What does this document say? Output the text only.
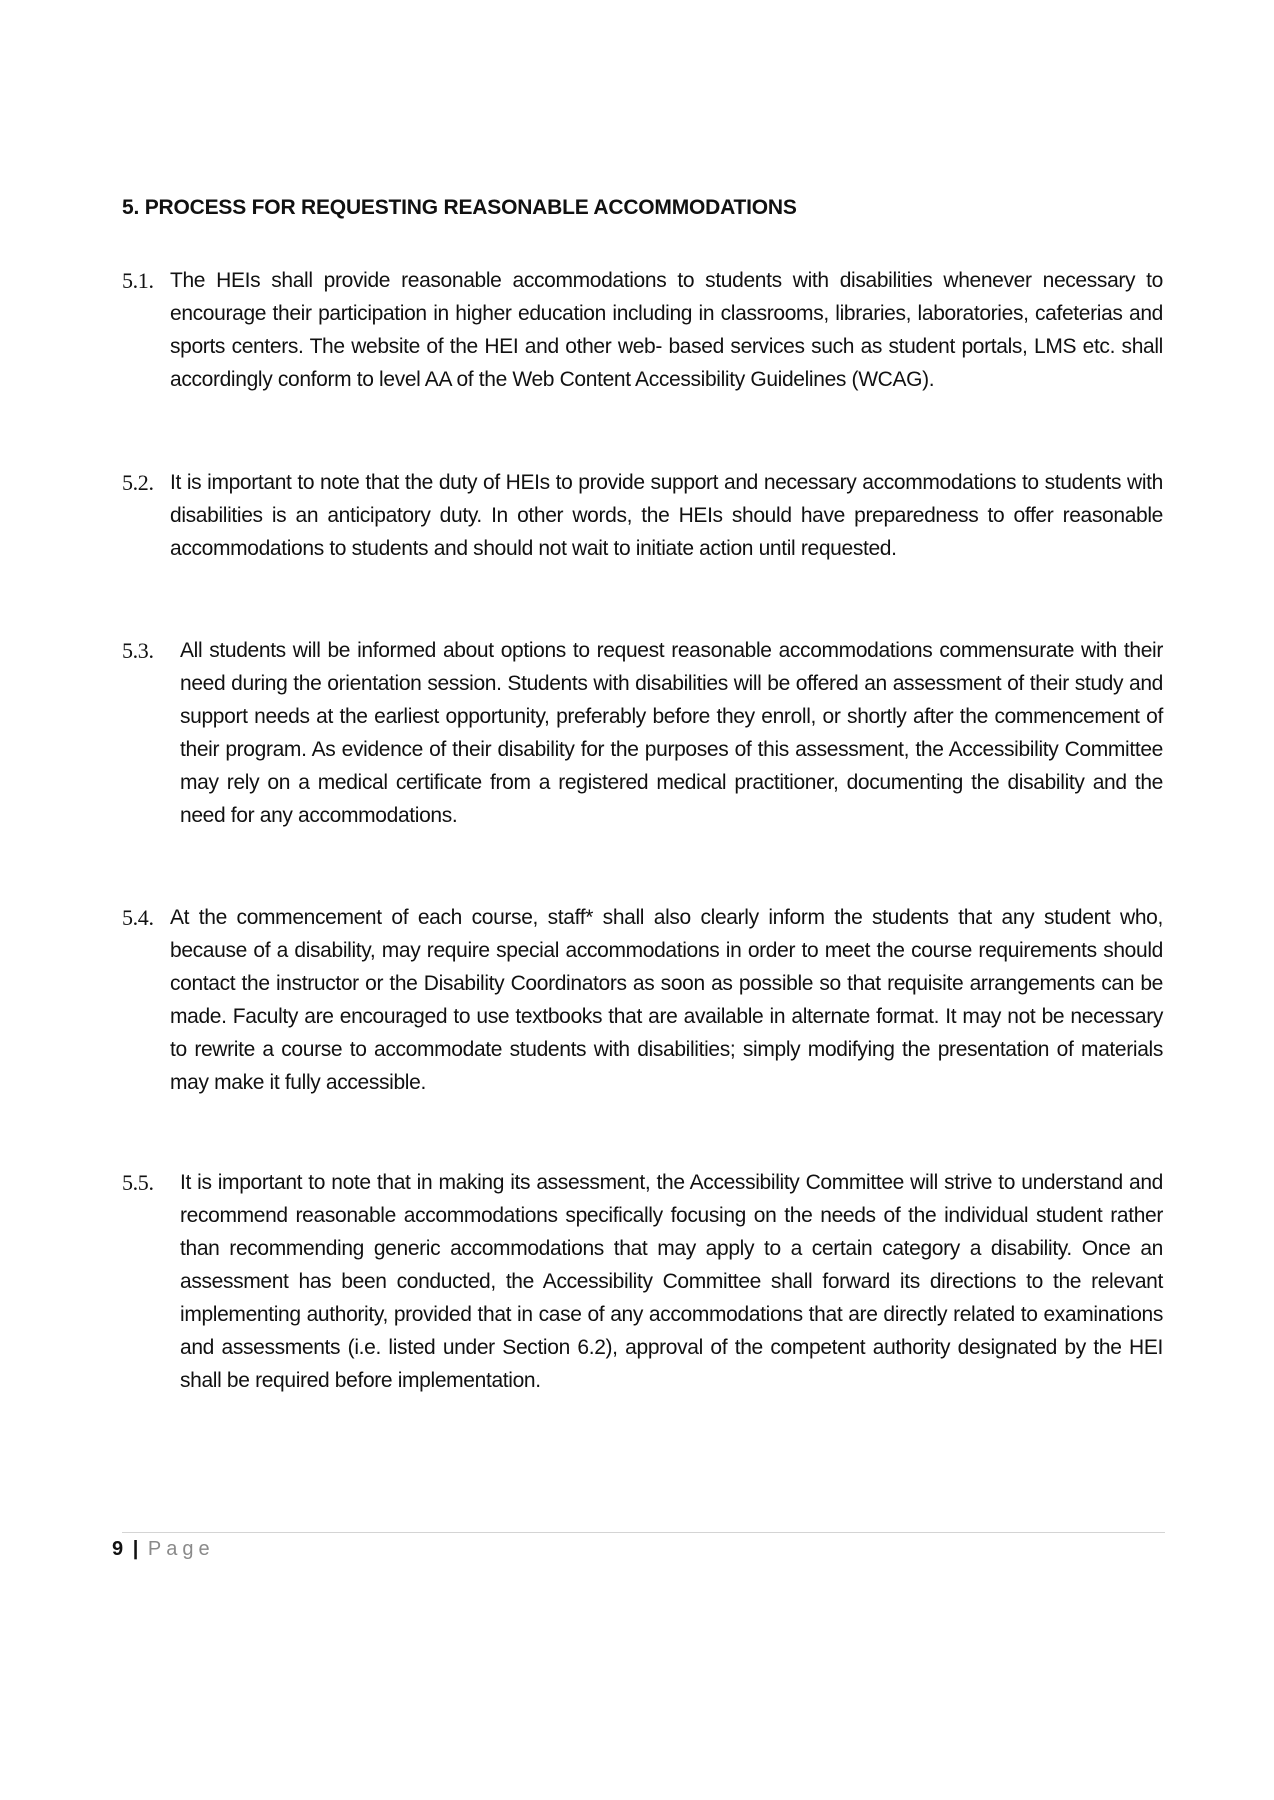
5. PROCESS FOR REQUESTING REASONABLE ACCOMMODATIONS
5.1. The HEIs shall provide reasonable accommodations to students with disabilities whenever necessary to encourage their participation in higher education including in classrooms, libraries, laboratories, cafeterias and sports centers. The website of the HEI and other web- based services such as student portals, LMS etc. shall accordingly conform to level AA of the Web Content Accessibility Guidelines (WCAG).
5.2. It is important to note that the duty of HEIs to provide support and necessary accommodations to students with disabilities is an anticipatory duty. In other words, the HEIs should have preparedness to offer reasonable accommodations to students and should not wait to initiate action until requested.
5.3.	All students will be informed about options to request reasonable accommodations commensurate with their need during the orientation session. Students with disabilities will be offered an assessment of their study and support needs at the earliest opportunity, preferably before they enroll, or shortly after the commencement of their program. As evidence of their disability for the purposes of this assessment, the Accessibility Committee may rely on a medical certificate from a registered medical practitioner, documenting the disability and the need for any accommodations.
5.4. At the commencement of each course, staff* shall also clearly inform the students that any student who, because of a disability, may require special accommodations in order to meet the course requirements should contact the instructor or the Disability Coordinators as soon as possible so that requisite arrangements can be made. Faculty are encouraged to use textbooks that are available in alternate format. It may not be necessary to rewrite a course to accommodate students with disabilities; simply modifying the presentation of materials may make it fully accessible.
5.5.	It is important to note that in making its assessment, the Accessibility Committee will strive to understand and recommend reasonable accommodations specifically focusing on the needs of the individual student rather than recommending generic accommodations that may apply to a certain category a disability. Once an assessment has been conducted, the Accessibility Committee shall forward its directions to the relevant implementing authority, provided that in case of any accommodations that are directly related to examinations and assessments (i.e. listed under Section 6.2), approval of the competent authority designated by the HEI shall be required before implementation.
9 | Page
